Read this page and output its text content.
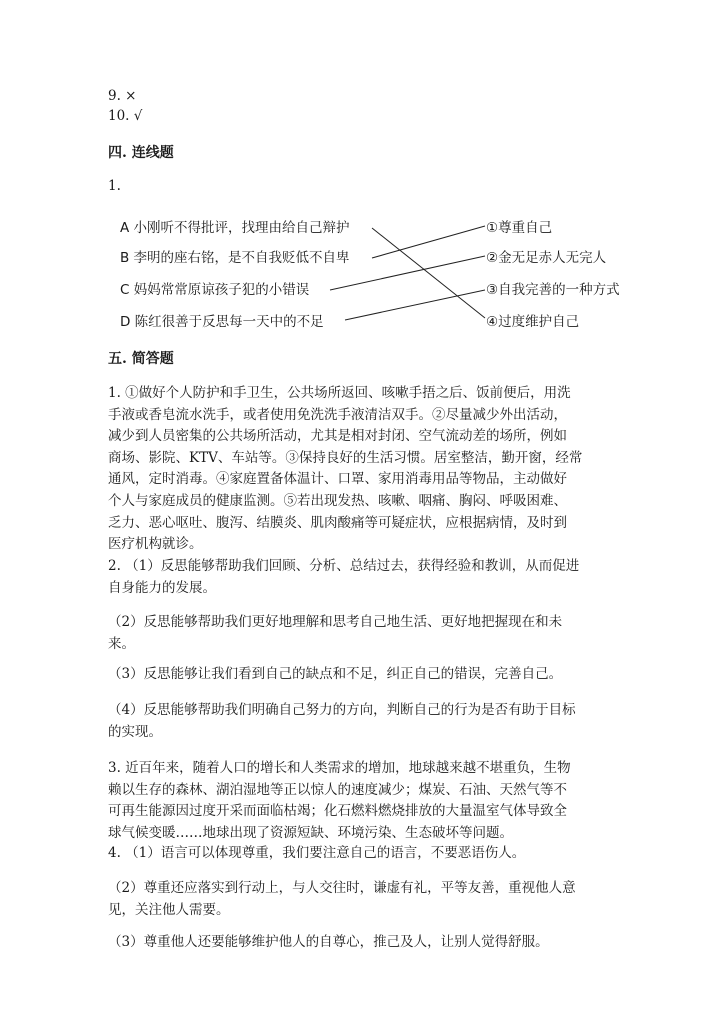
9. ×
10. √
四. 连线题
1.
A 小刚听不得批评，找理由给自己辩护
B 李明的座右铭，是不自我贬低不自卑
C 妈妈常常原谅孩子犯的小错误
D 陈红很善于反思每一天中的不足
①尊重自己
②金无足赤人无完人
③自我完善的一种方式
④过度维护自己
五. 简答题
1. ①做好个人防护和手卫生，公共场所返回、咳嗽手捂之后、饭前便后，用洗
手液或香皂流水洗手，或者使用免洗洗手液清洁双手。②尽量减少外出活动，
减少到人员密集的公共场所活动，尤其是相对封闭、空气流动差的场所，例如
商场、影院、KTV、车站等。③保持良好的生活习惯。居室整洁，勤开窗，经常
通风，定时消毒。④家庭置备体温计、口罩、家用消毒用品等物品，主动做好
个人与家庭成员的健康监测。⑤若出现发热、咳嗽、咽痛、胸闷、呼吸困难、
乏力、恶心呕吐、腹泻、结膜炎、肌肉酸痛等可疑症状，应根据病情，及时到
医疗机构就诊。
2. （1）反思能够帮助我们回顾、分析、总结过去，获得经验和教训，从而促进
自身能力的发展。
（2）反思能够帮助我们更好地理解和思考自己地生活、更好地把握现在和未
来。
（3）反思能够让我们看到自己的缺点和不足，纠正自己的错误，完善自己。
（4）反思能够帮助我们明确自己努力的方向，判断自己的行为是否有助于目标
的实现。
3. 近百年来，随着人口的增长和人类需求的增加，地球越来越不堪重负，生物
赖以生存的森林、湖泊湿地等正以惊人的速度减少；煤炭、石油、天然气等不
可再生能源因过度开采而面临枯竭；化石燃料燃烧排放的大量温室气体导致全
球气候变暖……地球出现了资源短缺、环境污染、生态破坏等问题。
4. （1）语言可以体现尊重，我们要注意自己的语言，不要恶语伤人。
（2）尊重还应落实到行动上，与人交往时，谦虚有礼，平等友善，重视他人意
见，关注他人需要。
（3）尊重他人还要能够维护他人的自尊心，推己及人，让别人觉得舒服。
